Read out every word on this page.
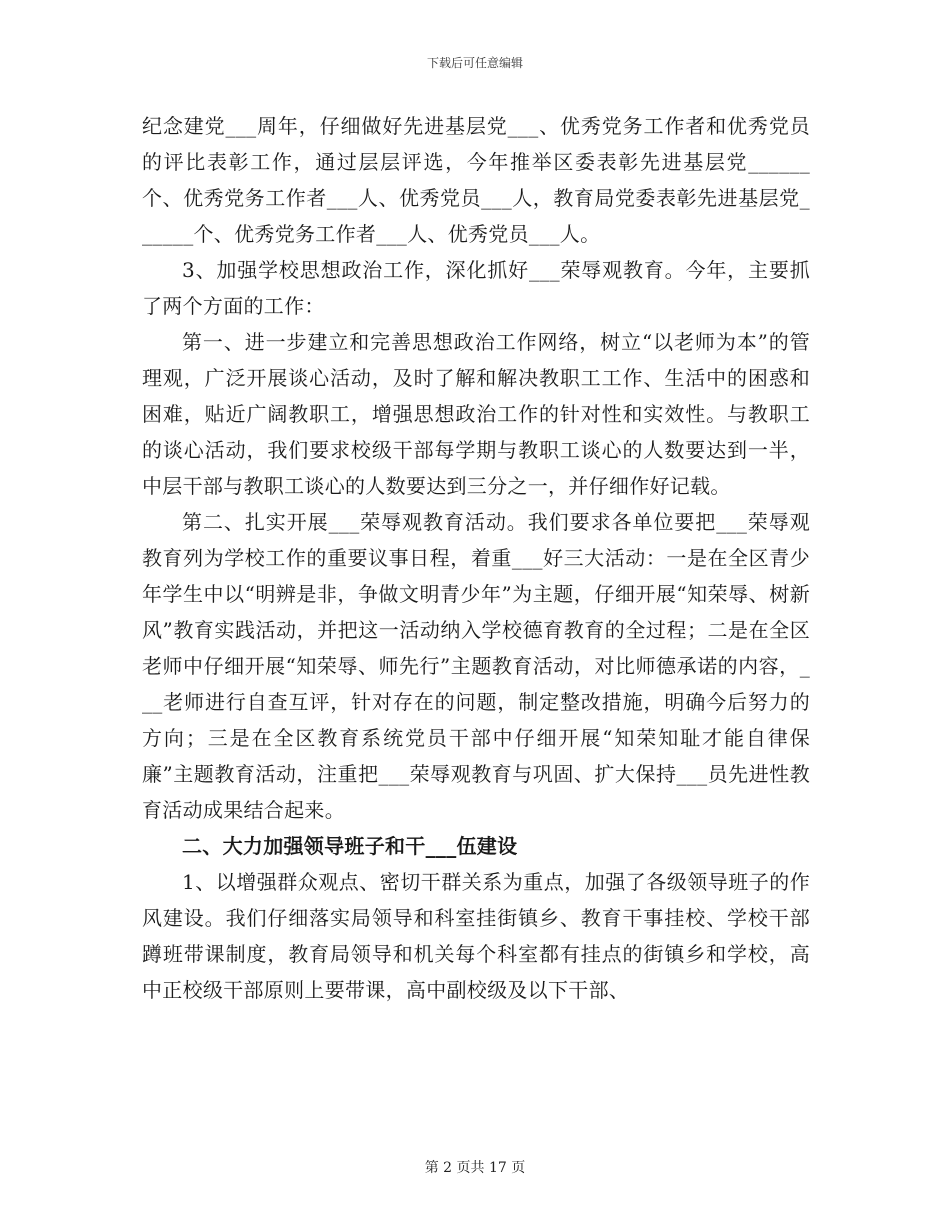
下载后可任意编辑

纪念建党___周年，仔细做好先进基层党___、优秀党务工作者和优秀党员的评比表彰工作，通过层层评选，今年推举区委表彰先进基层党______个、优秀党务工作者___人、优秀党员___人，教育局党委表彰先进基层党______个、优秀党务工作者___人、优秀党员___人。

3、加强学校思想政治工作，深化抓好___荣辱观教育。今年，主要抓了两个方面的工作：

第一、进一步建立和完善思想政治工作网络，树立“以老师为本”的管理观，广泛开展谈心活动，及时了解和解决教职工工作、生活中的困惑和困难，贴近广阔教职工，增强思想政治工作的针对性和实效性。与教职工的谈心活动，我们要求校级干部每学期与教职工谈心的人数要达到一半，中层干部与教职工谈心的人数要达到三分之一，并仔细作好记载。

第二、扎实开展___荣辱观教育活动。我们要求各单位要把___荣辱观教育列为学校工作的重要议事日程，着重___好三大活动：一是在全区青少年学生中以“明辨是非，争做文明青少年”为主题，仔细开展“知荣辱、树新风”教育实践活动，并把这一活动纳入学校德育教育的全过程；二是在全区老师中仔细开展“知荣辱、师先行”主题教育活动，对比师德承诺的内容，___老师进行自查互评，针对存在的问题，制定整改措施，明确今后努力的方向；三是在全区教育系统党员干部中仔细开展“知荣知耻才能自律保廉”主题教育活动，注重把___荣辱观教育与巩固、扩大保持___员先进性教育活动成果结合起来。

二、大力加强领导班子和干___伍建设

1、以增强群众观点、密切干群关系为重点，加强了各级领导班子的作风建设。我们仔细落实局领导和科室挂街镇乡、教育干事挂校、学校干部蹲班带课制度，教育局领导和机关每个科室都有挂点的街镇乡和学校，高中正校级干部原则上要带课，高中副校级及以下干部、

第 2 页共 17 页
